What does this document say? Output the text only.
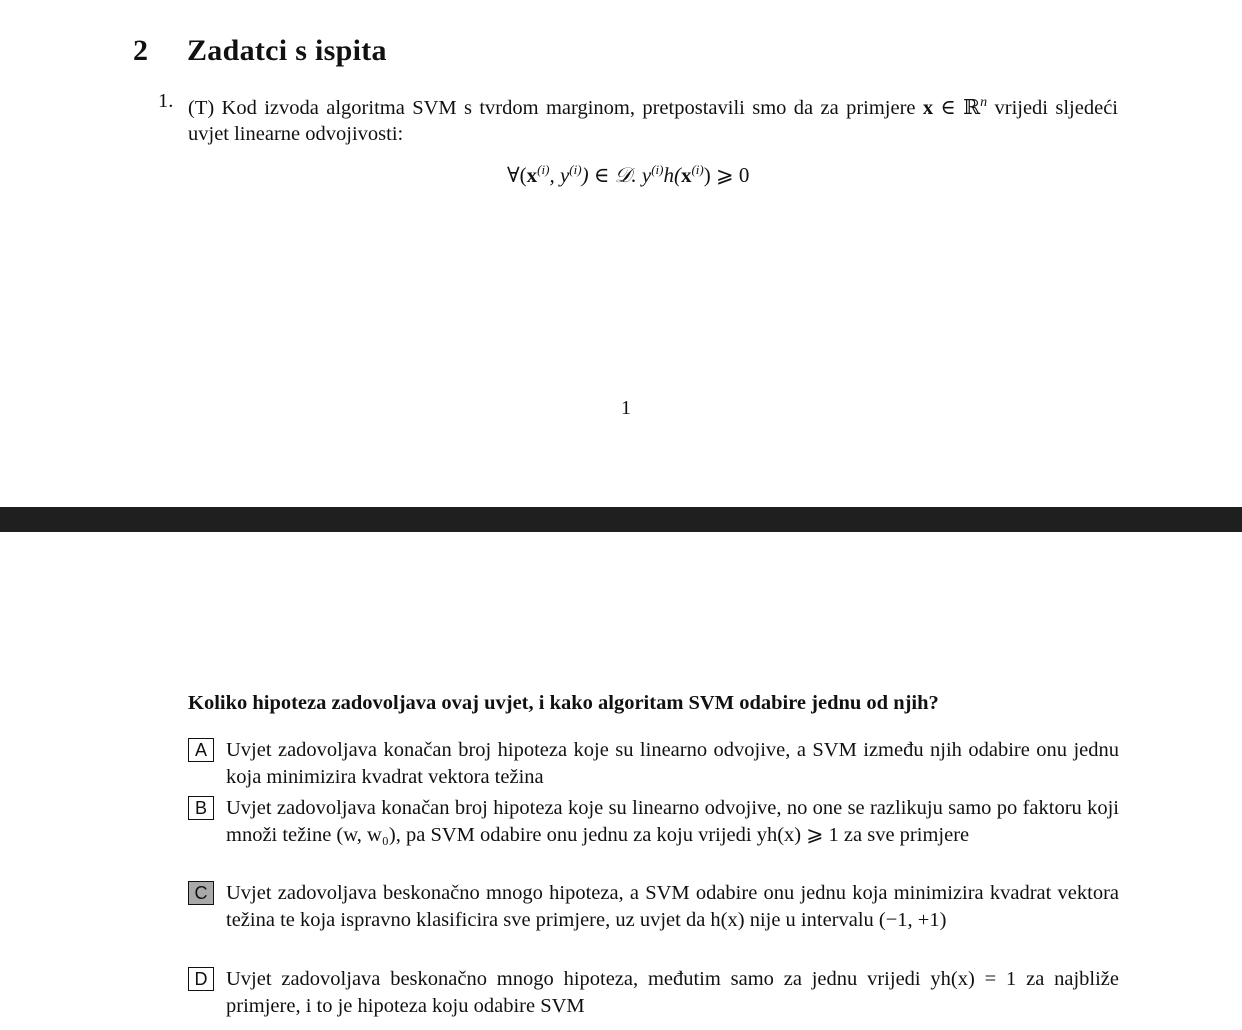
2 Zadatci s ispita
1. (T) Kod izvoda algoritma SVM s tvrdom marginom, pretpostavili smo da za primjere x ∈ ℝ$^n$ vrijedi sljedeći uvjet linearne odvojivosti:
$\forall(x^{(i)}$, $y^{(i)}$) ∈ 𝒟. $y^{(i)}h(x^{(i)})$ ⩾ 0
1
Koliko hipoteza zadovoljava ovaj uvjet, i kako algoritam SVM odabire jednu od njih?
A Uvjet zadovoljava konačan broj hipoteza koje su linearno odvojive, a SVM između njih odabire onu jednu koja minimizira kvadrat vektora težina
B Uvjet zadovoljava konačan broj hipoteza koje su linearno odvojive, no one se razlikuju samo po faktoru koji množi težine (w, w₀), pa SVM odabire onu jednu za koju vrijedi yh(x) ⩾ 1 za sve primjere
C Uvjet zadovoljava beskonačno mnogo hipoteza, a SVM odabire onu jednu koja minimizira kvadrat vektora težina te koja ispravno klasificira sve primjere, uz uvjet da h(x) nije u intervalu (−1, +1)
D Uvjet zadovoljava beskonačno mnogo hipoteza, međutim samo za jednu vrijedi yh(x) = 1 za najbliže primjere, i to je hipoteza koju odabire SVM
